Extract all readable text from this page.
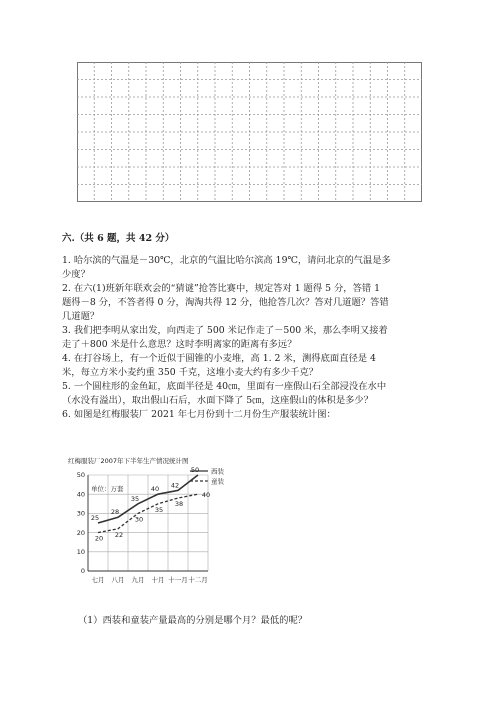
六.（共 6 题，共 42 分）
1. 哈尔滨的气温是－30℃，北京的气温比哈尔滨高 19℃，请问北京的气温是多
少度？
2. 在六(1)班新年联欢会的“猜谜”抢答比赛中，规定答对 1 题得 5 分，答错 1
题得－8 分，不答者得 0 分，淘淘共得 12 分，他抢答几次？答对几道题？答错
几道题？
3. 我们把李明从家出发，向西走了 500 米记作走了－500 米，那么李明又接着
走了＋800 米是什么意思？这时李明离家的距离有多远？
4. 在打谷场上，有一个近似于圆锥的小麦堆，高 1. 2 米，测得底面直径是 4
米，每立方米小麦约重 350 千克，这堆小麦大约有多少千克？
5. 一个圆柱形的金鱼缸，底面半径是 40㎝，里面有一座假山石全部浸没在水中
（水没有溢出），取出假山石后，水面下降了 5㎝，这座假山的体积是多少？
6. 如图是红梅服装厂 2021 年七月份到十二月份生产服装统计图：
红梅服装厂2007年下半年生产情况统计图
西装
童装
单位：万套
0
10
20
30
40
50
七月 八月 九月 十月 十一月 十二月
25
28
35
40 42
50
20 22
30
35
38
40
（1）西装和童装产量最高的分别是哪个月？最低的呢？
